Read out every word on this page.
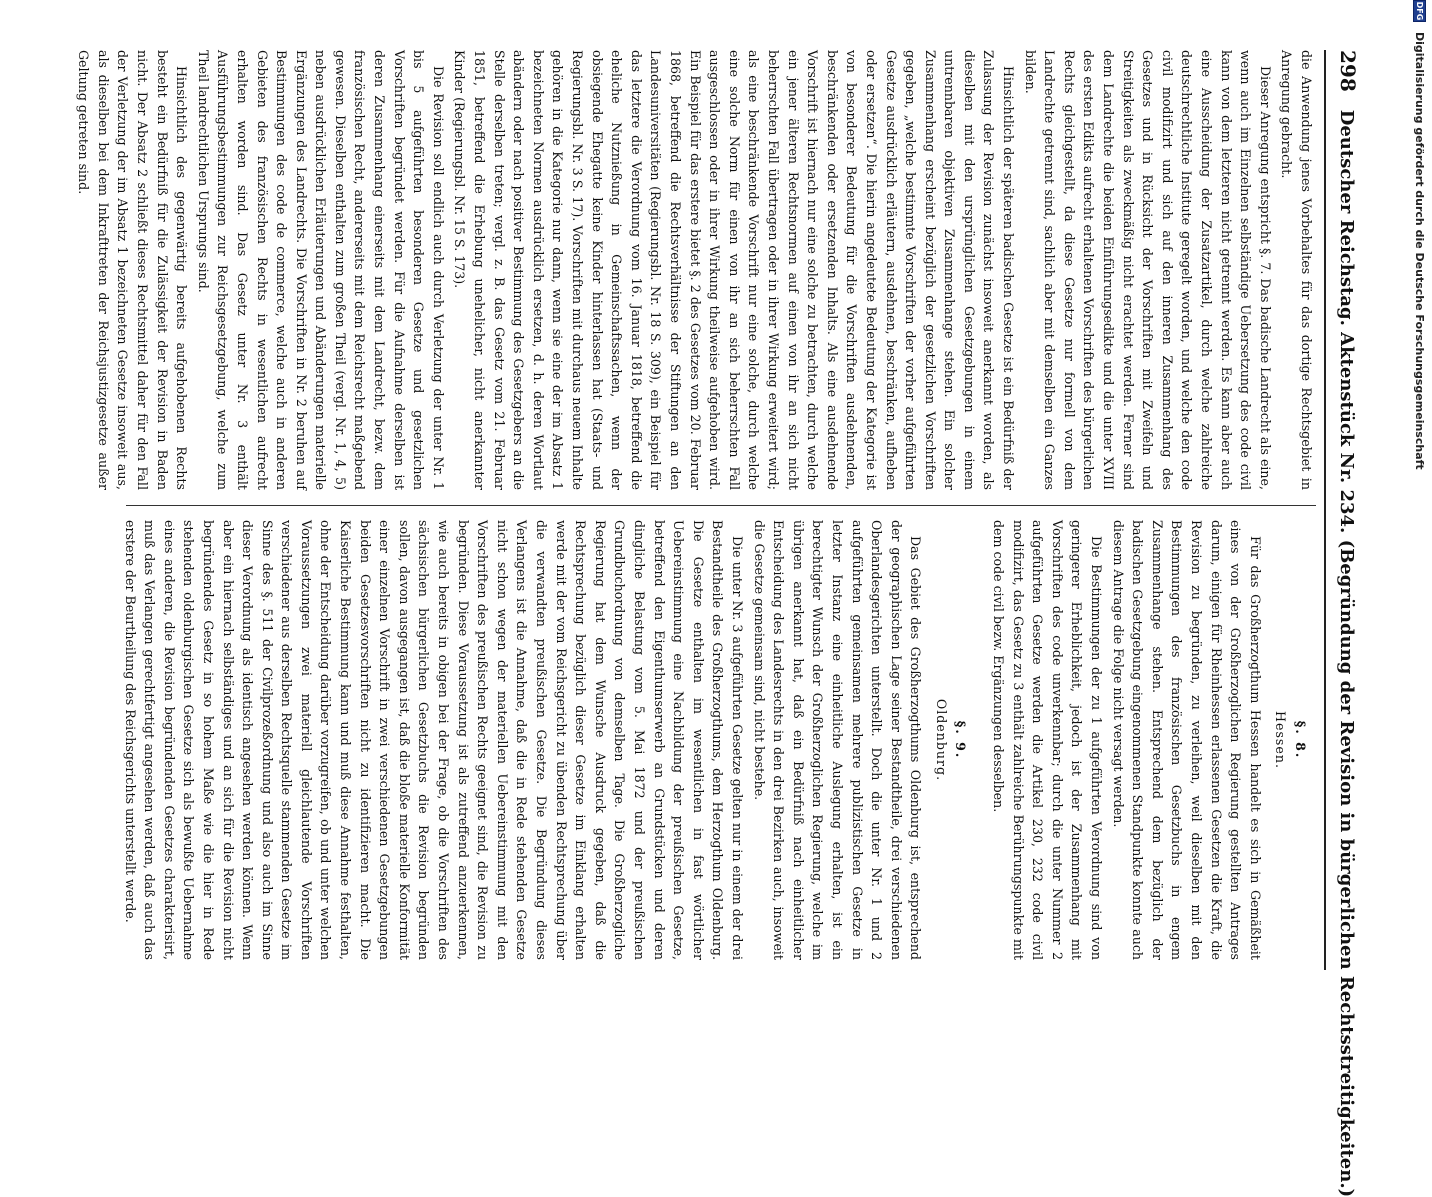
298
Deutscher Reichstag. Aktenstück Nr. 234. (Begründung der Revision in bürgerlichen Rechtsstreitigkeiten.)

die Anwendung jenes Vorbehaltes für das dortige Rechtsgebiet in Anregung gebracht.

Dieser Anregung entspricht §. 7. Das badische Landrecht als eine, wenn auch im Einzelnen selbständige Uebersetzung des code civil kann von dem letzteren nicht getrennt werden. Es kann aber auch eine Ausscheidung der Zusatzartikel, durch welche zahlreiche deutschrechtliche Institute geregelt worden, und welche den code civil modifizirt und sich auf den inneren Zusammenhang des Gesetzes und in Rücksicht der Vorschriften mit Zweifeln und Streitigkeiten als zweckmäßig nicht erachtet werden. Ferner sind dem Landrechte die beiden Einführungsedikte und die unter XVIII des ersten Edikts aufrecht erhaltenen Vorschriften des bürgerlichen Rechts gleichgestellt, da diese Gesetze nur formell von dem Landrechte getrennt sind, sachlich aber mit demselben ein Ganzes bilden.

Hinsichtlich der späteren badischen Gesetze ist ein Bedürfniß der Zulassung der Revision zunächst insoweit anerkannt worden, als dieselben mit den ursprünglichen Gesetzgebungen in einem untrennbaren objektiven Zusammenhange stehen. Ein solcher Zusammenhang erscheint bezüglich der gesetzlichen Vorschriften gegeben, „welche bestimmte Vorschriften der vorher aufgeführten Gesetze ausdrücklich erläutern, ausdehnen, beschränken, aufheben oder ersetzen“. Die hierin angedeutete Bedeutung der Kategorie ist von besonderer Bedeutung für die Vorschriften ausdehnenden, beschränkenden oder ersetzenden Inhalts. Als eine ausdehnende Vorschrift ist hiernach nur eine solche zu betrachten, durch welche ein jener älteren Rechtsnormen auf einen von ihr an sich nicht beherrschten Fall übertragen oder in ihrer Wirkung erweitert wird; als eine beschränkende Vorschrift nur eine solche, durch welche eine solche Norm für einen von ihr an sich beherrschten Fall ausgeschlossen oder in ihrer Wirkung theilweise aufgehoben wird. Ein Beispiel für das erstere bietet §. 2 des Gesetzes vom 20. Februar 1868, betreffend die Rechtsverhältnisse der Stiftungen an den Landesuniversitäten (Regierungsbl. Nr. 18 S. 309), ein Beispiel für das letztere die Verordnung vom 16. Januar 1818, betreffend die eheliche Nutznießung in Gemeinschaftssachen, wenn der obsiegende Ehegatte keine Kinder hinterlassen hat (Staats- und Regierungsbl. Nr. 3 S. 17). Vorschriften mit durchaus neuem Inhalte gehören in die Kategorie nur dann, wenn sie eine der im Absatz 1 bezeichneten Normen ausdrücklich ersetzen, d. h. deren Wortlaut abändern oder nach positiver Bestimmung des Gesetzgebers an die Stelle derselben treten; vergl. z. B. das Gesetz vom 21. Februar 1851, betreffend die Erhebung unehelicher, nicht anerkannter Kinder (Regierungsbl. Nr. 15 S. 173).

Die Revision soll endlich auch durch Verletzung der unter Nr. 1 bis 5 aufgeführten besonderen Gesetze und gesetzlichen Vorschriften begründet werden. Für die Aufnahme derselben ist deren Zusammenhang einerseits mit dem Landrecht, bezw. dem französischen Recht, andererseits mit dem Reichsrecht maßgebend gewesen. Dieselben enthalten zum großen Theil (vergl. Nr. 1, 4, 5) neben ausdrücklichen Erläuterungen und Abänderungen materielle Ergänzungen des Landrechts. Die Vorschriften in Nr. 2 beruhen auf Bestimmungen des code de commerce, welche auch in anderen Gebieten des französischen Rechts in wesentlichen aufrecht erhalten worden sind. Das Gesetz unter Nr. 3 enthält Ausführungsbestimmungen zur Reichsgesetzgebung, welche zum Theil landrechtlichen Ursprungs sind.

Hinsichtlich des gegenwärtig bereits aufgehobenen Rechts besteht ein Bedürfniß für die Zulässigkeit der Revision in Baden nicht. Der Absatz 2 schließt dieses Rechtsmittel daher für den Fall der Verletzung der im Absatz 1 bezeichneten Gesetze insoweit aus, als dieselben bei dem Inkrafttreten der Reichsjustizgesetze außer Geltung getreten sind.

§. 8.
Hessen.

Für das Großherzogthum Hessen handelt es sich in Gemäßheit eines von der Großherzoglichen Regierung gestellten Antrages darum, einigen für Rheinhessen erlassenen Gesetzen die Kraft, die Revision zu begründen, zu verleihen, weil dieselben mit den Bestimmungen des französischen Gesetzbuchs in engem Zusammenhange stehen. Entsprechend dem bezüglich der badischen Gesetzgebung eingenommenen Standpunkte konnte auch diesem Antrage die Folge nicht versagt werden.

Die Bestimmungen der zu 1 aufgeführten Verordnung sind von geringerer Erheblichkeit, jedoch ist der Zusammenhang mit Vorschriften des code unverkennbar; durch die unter Nummer 2 aufgeführten Gesetze werden die Artikel 230, 232 code civil modifizirt, das Gesetz zu 3 enthält zahlreiche Berührungspunkte mit dem code civil bezw. Ergänzungen desselben.

§. 9.
Oldenburg.

Das Gebiet des Großherzogthums Oldenburg ist, entsprechend der geographischen Lage seiner Bestandtheile, drei verschiedenen Oberlandesgerichten unterstellt. Doch die unter Nr. 1 und 2 aufgeführten gemeinsamen mehrere publizistischen Gesetze in letzter Instanz eine einheitliche Auslegung erhalten, ist ein berechtigter Wunsch der Großherzoglichen Regierung, welche im übrigen anerkannt hat, daß ein Bedürfniß nach einheitlicher Entscheidung des Landesrechts in den drei Bezirken auch, insoweit die Gesetze gemeinsam sind, nicht bestehe.

Die unter Nr. 3 aufgeführten Gesetze gelten nur in einem der drei Bestandtheile des Großherzogthums, dem Herzogthum Oldenburg. Die Gesetze enthalten im wesentlichen in fast wörtlicher Uebereinstimmung eine Nachbildung der preußischen Gesetze, betreffend den Eigenthumserwerb an Grundstücken und deren dingliche Belastung vom 5. Mai 1872 und der preußischen Grundbuchordnung von demselben Tage. Die Großherzogliche Regierung hat dem Wunsche Ausdruck gegeben, daß die Rechtsprechung bezüglich dieser Gesetze im Einklang erhalten werde mit der vom Reichsgericht zu übenden Rechtsprechung über die verwandten preußischen Gesetze. Die Begründung dieses Verlangens ist die Annahme, daß die in Rede stehenden Gesetze nicht schon wegen der materiellen Uebereinstimmung mit den Vorschriften des preußischen Rechts geeignet sind, die Revision zu begründen. Diese Voraussetzung ist als zutreffend anzuerkennen, wie auch bereits in obigen bei der Frage, ob die Vorschriften des sächsischen bürgerlichen Gesetzbuchs die Revision begründen sollen, davon ausgegangen ist, daß die bloße materielle Konformität einer einzelnen Vorschrift in zwei verschiedenen Gesetzgebungen beiden Gesetzesvorschriften nicht zu identifizieren macht. Die Kaiserliche Bestimmung kann und muß diese Annahme festhalten, ohne der Entscheidung darüber vorzugreifen, ob und unter welchen Voraussetzungen zwei materiell gleichlautende Vorschriften verschiedener aus derselben Rechtsquelle stammenden Gesetze im Sinne des §. 511 der Civilprozeßordnung und also auch im Sinne dieser Verordnung als identisch angesehen werden können. Wenn aber ein hiernach selbständiges und an sich für die Revision nicht begründendes Gesetz in so hohem Maße wie die hier in Rede stehenden oldenburgischen Gesetze sich als bewußte Uebernahme eines anderen, die Revision begründenden Gesetzes charakterisirt, muß das Verlangen gerechtfertigt angesehen werden, daß auch das erstere der Beurtheilung des Reichsgerichts unterstellt werde.

DFG
Digitalisierung gefördert durch die Deutsche Forschungsgemeinschaft
